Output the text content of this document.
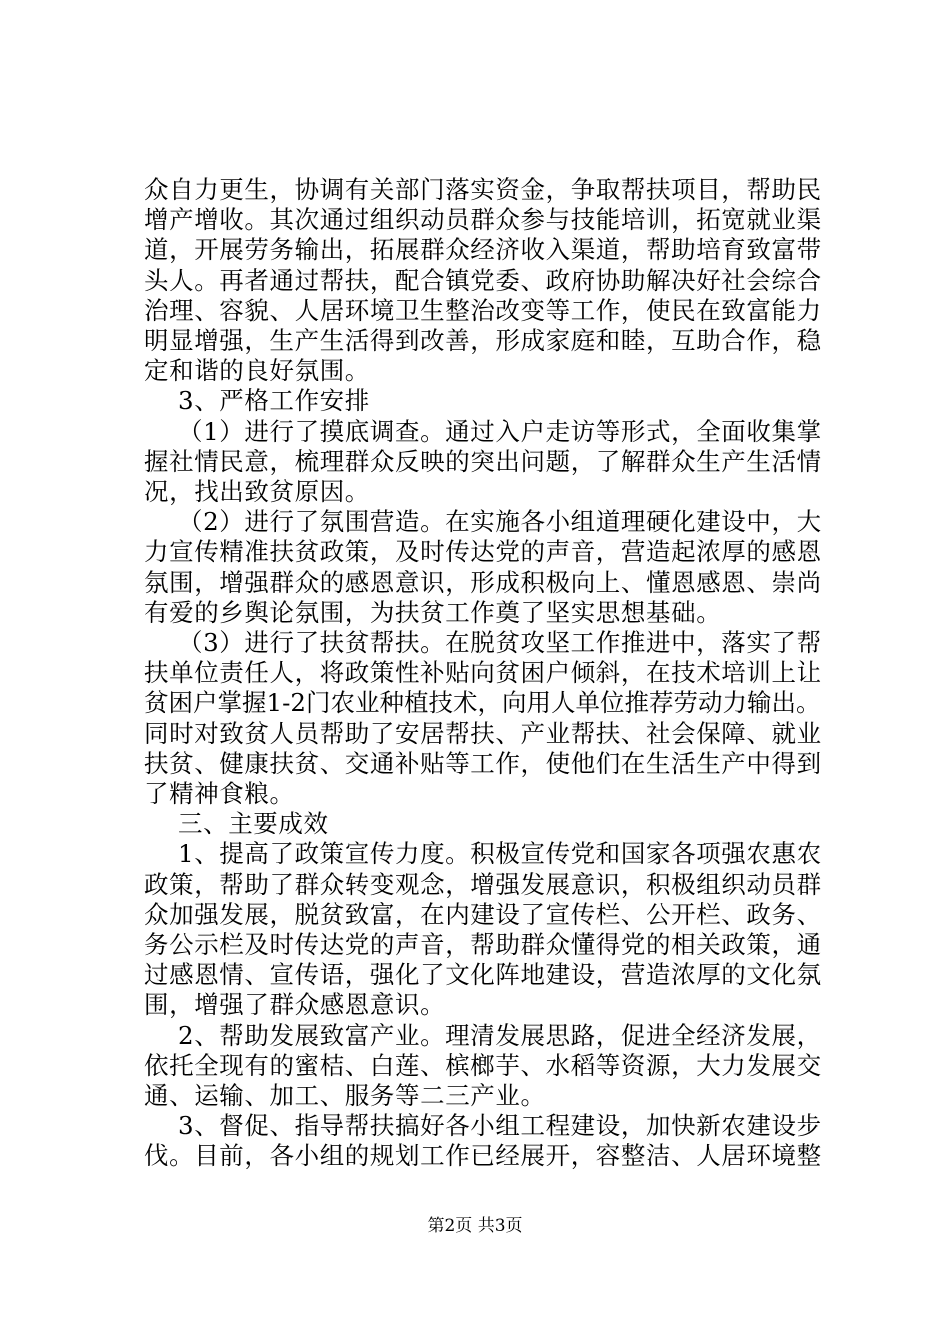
众自力更生，协调有关部门落实资金，争取帮扶项目，帮助民
增产增收。其次通过组织动员群众参与技能培训，拓宽就业渠
道，开展劳务输出，拓展群众经济收入渠道，帮助培育致富带
头人。再者通过帮扶，配合镇党委、政府协助解决好社会综合
治理、容貌、人居环境卫生整治改变等工作，使民在致富能力
明显增强，生产生活得到改善，形成家庭和睦，互助合作，稳
定和谐的良好氛围。
3、严格工作安排
（1）进行了摸底调查。通过入户走访等形式，全面收集掌
握社情民意，梳理群众反映的突出问题，了解群众生产生活情
况，找出致贫原因。
（2）进行了氛围营造。在实施各小组道理硬化建设中，大
力宣传精准扶贫政策，及时传达党的声音，营造起浓厚的感恩
氛围，增强群众的感恩意识，形成积极向上、懂恩感恩、崇尚
有爱的乡舆论氛围，为扶贫工作奠了坚实思想基础。
（3）进行了扶贫帮扶。在脱贫攻坚工作推进中，落实了帮
扶单位责任人，将政策性补贴向贫困户倾斜，在技术培训上让
贫困户掌握1-2门农业种植技术，向用人单位推荐劳动力输出。
同时对致贫人员帮助了安居帮扶、产业帮扶、社会保障、就业
扶贫、健康扶贫、交通补贴等工作，使他们在生活生产中得到
了精神食粮。
三、主要成效
1、提高了政策宣传力度。积极宣传党和国家各项强农惠农
政策，帮助了群众转变观念，增强发展意识，积极组织动员群
众加强发展，脱贫致富，在内建设了宣传栏、公开栏、政务、
务公示栏及时传达党的声音，帮助群众懂得党的相关政策，通
过感恩情、宣传语，强化了文化阵地建设，营造浓厚的文化氛
围，增强了群众感恩意识。
2、帮助发展致富产业。理清发展思路，促进全经济发展，
依托全现有的蜜桔、白莲、槟榔芋、水稻等资源，大力发展交
通、运输、加工、服务等二三产业。
3、督促、指导帮扶搞好各小组工程建设，加快新农建设步
伐。目前，各小组的规划工作已经展开，容整洁、人居环境整
第2页 共3页
